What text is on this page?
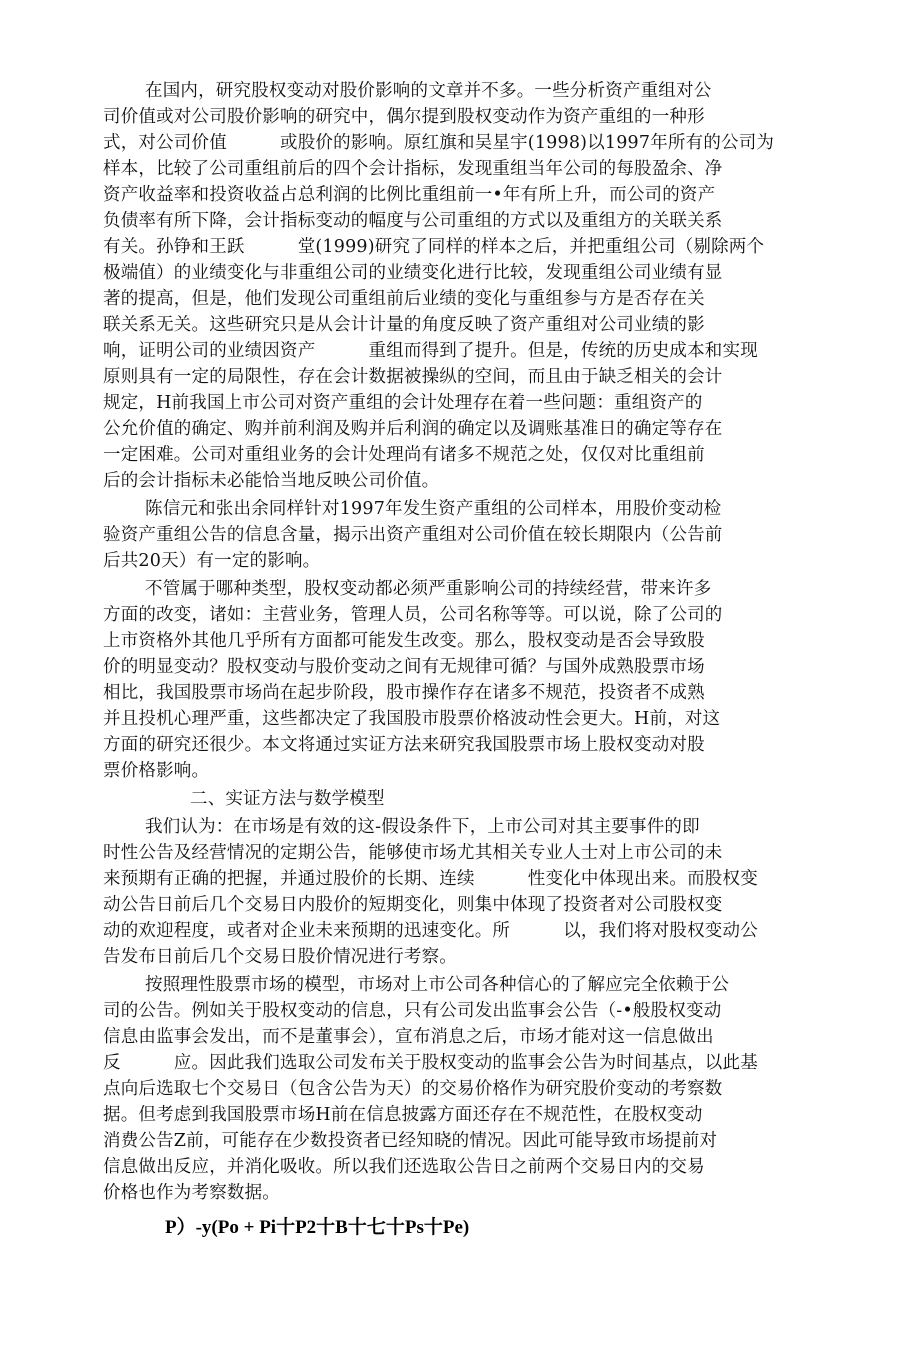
在国内，研究股权变动对股价影响的文章并不多。一些分析资产重组对公
司价值或对公司股价影响的研究中，偶尔提到股权变动作为资产重组的一种形
式，对公司价值　　　或股价的影响。原红旗和吴星宇(1998)以1997年所有的公司为
样本，比较了公司重组前后的四个会计指标，发现重组当年公司的每股盈余、净
资产收益率和投资收益占总利润的比例比重组前一•年有所上升，而公司的资产
负债率有所下降，会计指标变动的幅度与公司重组的方式以及重组方的关联关系
有关。孙铮和王跃　　　堂(1999)研究了同样的样本之后，并把重组公司（剔除两个
极端值）的业绩变化与非重组公司的业绩变化进行比较，发现重组公司业绩有显
著的提高，但是，他们发现公司重组前后业绩的变化与重组参与方是否存在关
联关系无关。这些研究只是从会计计量的角度反映了资产重组对公司业绩的影
响，证明公司的业绩因资产　　　重组而得到了提升。但是，传统的历史成本和实现
原则具有一定的局限性，存在会计数据被操纵的空间，而且由于缺乏相关的会计
规定，H前我国上市公司对资产重组的会计处理存在着一些问题：重组资产的
公允价值的确定、购并前利润及购并后利润的确定以及调账基准日的确定等存在
一定困难。公司对重组业务的会计处理尚有诸多不规范之处，仅仅对比重组前
后的会计指标未必能恰当地反映公司价值。
陈信元和张出余同样针对1997年发生资产重组的公司样本，用股价变动检
验资产重组公告的信息含量，揭示出资产重组对公司价值在较长期限内（公告前
后共20天）有一定的影响。
不管属于哪种类型，股权变动都必须严重影响公司的持续经营，带来许多
方面的改变，诸如：主营业务，管理人员，公司名称等等。可以说，除了公司的
上市资格外其他几乎所有方面都可能发生改变。那么，股权变动是否会导致股
价的明显变动？股权变动与股价变动之间有无规律可循？与国外成熟股票市场
相比，我国股票市场尚在起步阶段，股市操作存在诸多不规范，投资者不成熟
并且投机心理严重，这些都决定了我国股市股票价格波动性会更大。H前，对这
方面的研究还很少。本文将通过实证方法来研究我国股票市场上股权变动对股
票价格影响。
二、实证方法与数学模型
我们认为：在市场是有效的这-假设条件下，上市公司对其主要事件的即
时性公告及经营情况的定期公告，能够使市场尤其相关专业人士对上市公司的未
来预期有正确的把握，并通过股价的长期、连续　　　性变化中体现出来。而股权变
动公告日前后几个交易日内股价的短期变化，则集中体现了投资者对公司股权变
动的欢迎程度，或者对企业未来预期的迅速变化。所　　　以，我们将对股权变动公
告发布日前后几个交易日股价情况进行考察。
按照理性股票市场的模型，市场对上市公司各种信心的了解应完全依赖于公
司的公告。例如关于股权变动的信息，只有公司发出监事会公告（-•般股权变动
信息由监事会发出，而不是董事会），宣布消息之后，市场才能对这一信息做出
反　　　应。因此我们选取公司发布关于股权变动的监事会公告为时间基点，以此基
点向后选取七个交易日（包含公告为天）的交易价格作为研究股价变动的考察数
据。但考虑到我国股票市场H前在信息披露方面还存在不规范性，在股权变动
消费公告Z前，可能存在少数投资者已经知晓的情况。因此可能导致市场提前对
信息做出反应，并消化吸收。所以我们还选取公告日之前两个交易日内的交易
价格也作为考察数据。
P）-y(Po + Pi十P2十B十七十Ps十Pe)
